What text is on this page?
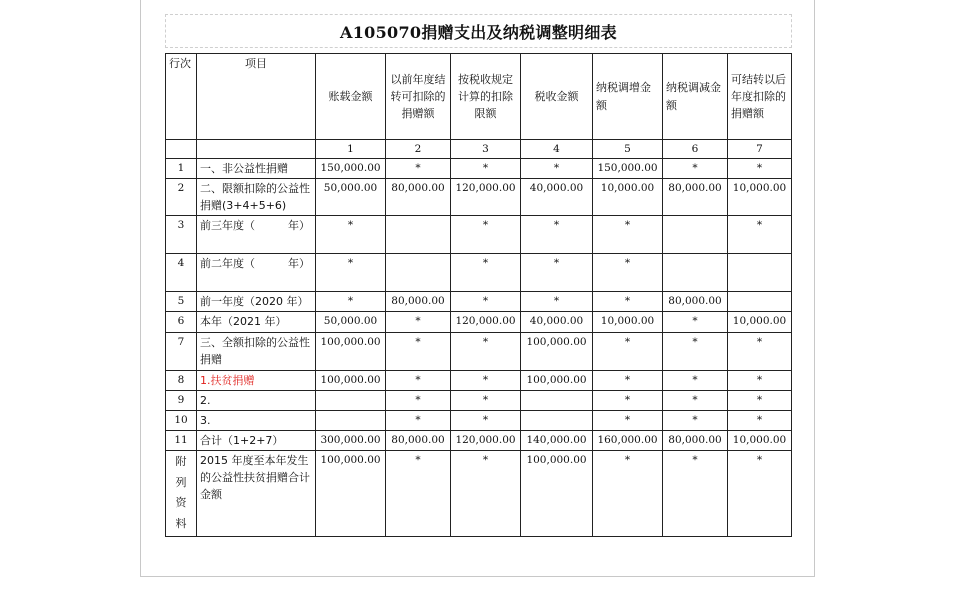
A105070捐赠支出及纳税调整明细表
行次	项目	账载金额	以前年度结转可扣除的捐赠额	按税收规定计算的扣除限额	税收金额	纳税调增金额	纳税调减金额	可结转以后年度扣除的捐赠额
		1	2	3	4	5	6	7
1	一、非公益性捐赠	150,000.00	*	*	*	150,000.00	*	*
2	二、限额扣除的公益性捐赠(3+4+5+6)	50,000.00	80,000.00	120,000.00	40,000.00	10,000.00	80,000.00	10,000.00
3	前三年度（　　　年）	*		*	*	*		*
4	前二年度（　　　年）	*		*	*	*		
5	前一年度（2020 年）	*	80,000.00	*	*	*	80,000.00	
6	本年（2021 年）	50,000.00	*	120,000.00	40,000.00	10,000.00	*	10,000.00
7	三、全额扣除的公益性捐赠	100,000.00	*	*	100,000.00	*	*	*
8	1.扶贫捐赠	100,000.00	*	*	100,000.00	*	*	*
9	2.		*	*		*	*	*
10	3.		*	*		*	*	*
11	合计（1+2+7）	300,000.00	80,000.00	120,000.00	140,000.00	160,000.00	80,000.00	10,000.00
附
列
资
料	2015 年度至本年发生的公益性扶贫捐赠合计金额	100,000.00	*	*	100,000.00	*	*	*
